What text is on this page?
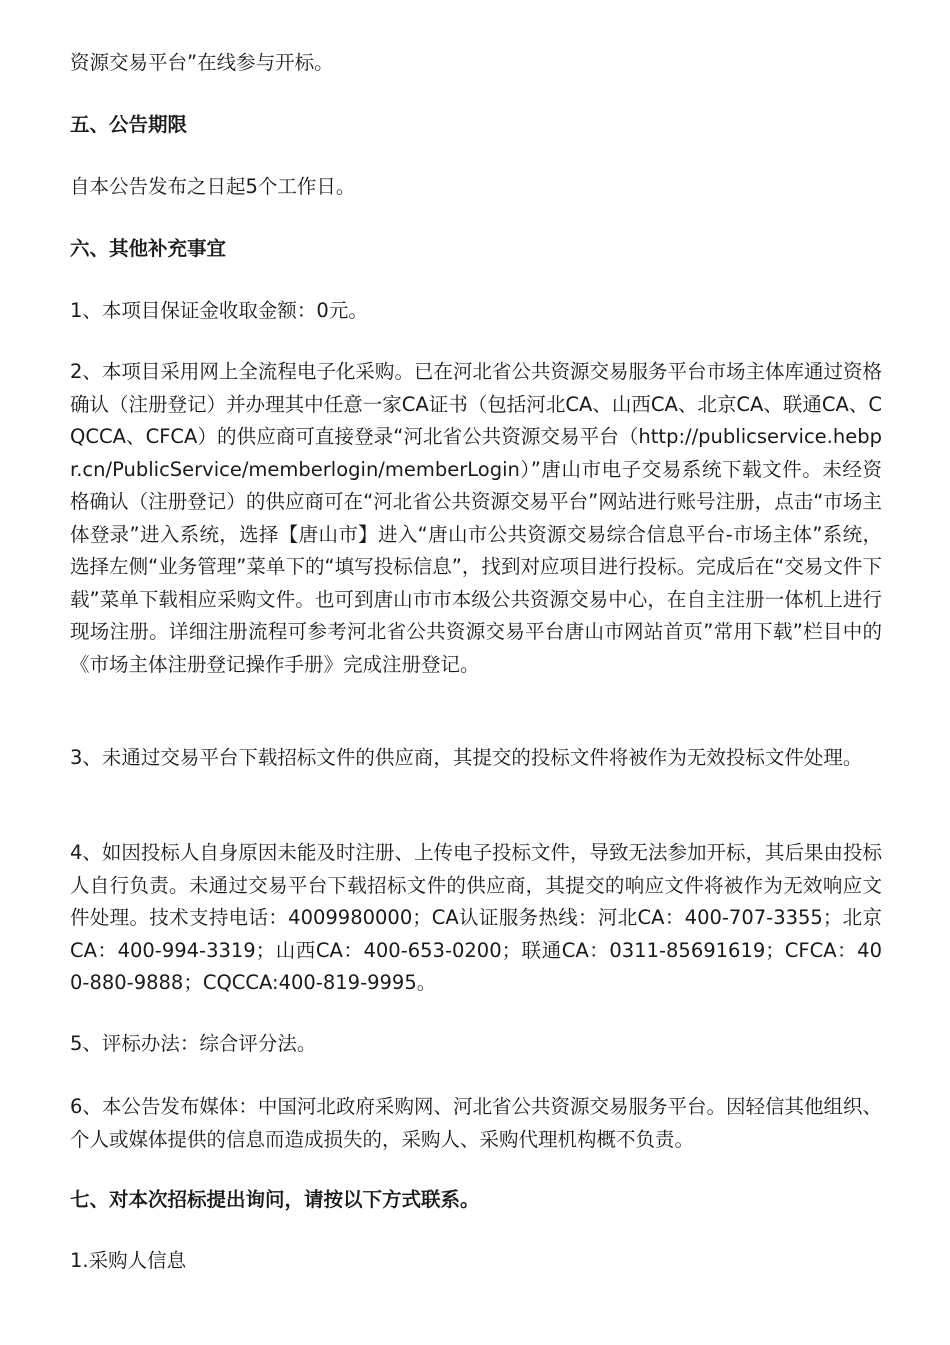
资源交易平台”在线参与开标。
五、公告期限
自本公告发布之日起5个工作日。
六、其他补充事宜
1、本项目保证金收取金额：0元。
2、本项目采用网上全流程电子化采购。已在河北省公共资源交易服务平台市场主体库通过资格确认（注册登记）并办理其中任意一家CA证书（包括河北CA、山西CA、北京CA、联通CA、CQCCA、CFCA）的供应商可直接登录“河北省公共资源交易平台（http://publicservice.hebpr.cn/PublicService/memberlogin/memberLogin）”唐山市电子交易系统下载文件。未经资格确认（注册登记）的供应商可在“河北省公共资源交易平台”网站进行账号注册，点击“市场主体登录”进入系统，选择【唐山市】进入“唐山市公共资源交易综合信息平台-市场主体”系统，选择左侧“业务管理”菜单下的“填写投标信息”，找到对应项目进行投标。完成后在“交易文件下载”菜单下载相应采购文件。也可到唐山市市本级公共资源交易中心，在自主注册一体机上进行现场注册。详细注册流程可参考河北省公共资源交易平台唐山市网站首页”常用下载”栏目中的《市场主体注册登记操作手册》完成注册登记。
3、未通过交易平台下载招标文件的供应商，其提交的投标文件将被作为无效投标文件处理。
4、如因投标人自身原因未能及时注册、上传电子投标文件，导致无法参加开标，其后果由投标人自行负责。未通过交易平台下载招标文件的供应商，其提交的响应文件将被作为无效响应文件处理。技术支持电话：4009980000；CA认证服务热线：河北CA：400-707-3355；北京CA：400-994-3319；山西CA：400-653-0200；联通CA：0311-85691619；CFCA：400-880-9888；CQCCA:400-819-9995。
5、评标办法：综合评分法。
6、本公告发布媒体：中国河北政府采购网、河北省公共资源交易服务平台。因轻信其他组织、个人或媒体提供的信息而造成损失的，采购人、采购代理机构概不负责。
七、对本次招标提出询问，请按以下方式联系。
1.采购人信息
